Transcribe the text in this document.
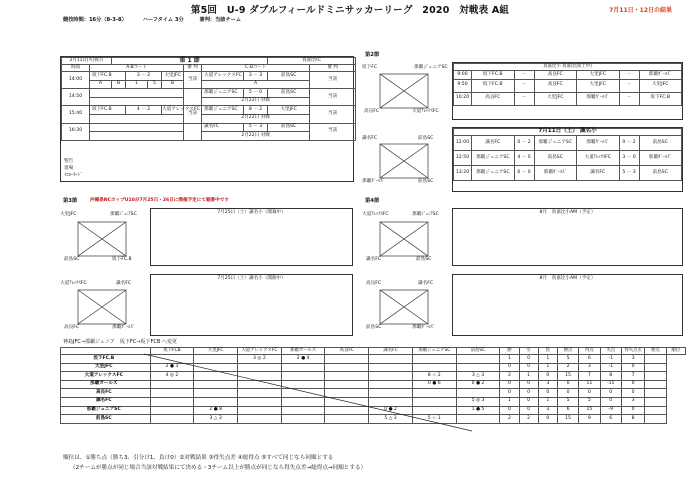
第5回　U-9 ダブルフィールドミニサッカーリーグ　2020　対戦表 A組	7月11日・12日の結果
競技時間：16分（8-3-8）	ハーフタイム 3分	審判：当該チーム
2月11日(火)祝日		第 1 節							真嘉比FC	
時間	A-Bコート					審 判	C-Dコート			審 判
14:00	坂下FC.B		3 － 2		大里JFC	当該	大道アレックスFC	3 － 3	前島SC	当該
	A	B	1	5	B		A			
14:50							那覇ジュニアSC	5 － 0	前島SC	当該
							2月22日 対戦			
15:40	坂下FC.B		4 － 2		大道アレックスFC	当該	那覇ジュニアSC	8 － 2	大里JFC	当該
							2月22日 対戦			
16:30							識名FC	5 － 3	前島SC	当該
							2月22日 対戦			
警告
退場
ｲｴﾛｰｶｰﾄﾞ
第2節
坂下FC	那覇ジュニアSC
高良FC	大道ｱﾚｯｸｽFC
識名FC	前島SC
那覇ｶﾞｰﾙｽﾞ	前島SC
真嘉比小 真嘉比(陸上中)						
9:00	坂下FC.B	－	高良FC	大里JFC	－	那覇ｶﾞｰﾙｽﾞ
9:50	坂下FC.B	－	高良FC	大里JFC	－	大里JFC
10:20	高良FC	－	大里JFC	那覇ｶﾞｰﾙｽﾞ	－	坂下FC.B
7月11日（土） 識名小						
12:00	識名FC	0 － 2	那覇ジュニアSC	那覇ｶﾞｰﾙｽﾞ	0 － 2	前島SC
12:50	那覇ジュニアSC	4 － 0	前島SC	大道ｱﾚｯｸｽFC	3 － 0	那覇ｶﾞｰﾙｽﾞ
13:20	那覇ジュニアSC	6 － 0	那覇ｶﾞｰﾙｽﾞ	識名FC	5 － 3	前島SC
第3節	沖縄県NCカップU10が7月25日・26日に開催予定にて順番中です
大里JFC	那覇ｼﾞｭﾆｱSC
前島SC	坂下FC.B
大道ｱﾚｯｸｽFC	識名FC
高良FC	那覇ｶﾞｰﾙｽﾞ
7月25日（土）識名小（開幕中）
7月25日（土）識名小（開催中）
第4節
大道ｱﾚｯｸｽFC	那覇ｼﾞｭﾆｱSC
識名FC	前島SC
高良FC	識名FC
前島SC	那覇ｶﾞｰﾙｽﾞ
8月　真嘉比小AM（予定）
8月　真嘉比小AM（予定）
神島JFC→那覇ジュニア　坂下FC→坂下FCB へ変更
	坂下FCB	大里JFC	大道アレックスFC	那覇ガールズ	高良FC	識名FC	那覇ジュニアSC	前島SC	勝	引	負	勝点	得点	失点	得失点差	勝点	順位
坂下FC.B			3 ◎ 2	2 ● 4					1	0	1	5	6	-1	3		
大里JFC	2 ● 3								0	0	1	2	3	-1	0		
大道アレックスFC	4 ◎ 2						8 ☆ 2	3 △ 3	2	1	0	15	7	8	7		
那覇ガールズ							0 ● 6	0 ● 2	0	0	3	0	11	-11	0		
高良FC									0	0	0	0	0	0	0		
識名FC								5 ◎ 3	1	0	1	5	5	0	3		
那覇ジュニアSC		2 ● 8				0 ● 2		1 ● 5	0	0	3	6	15	-9	0		
前島SC		3 △ 3				5 △ 3	5 ☆ 1		2	2	0	15	9	6	8		
順位は、①勝ち点（勝ち3、引分け1、負け0）②対戦結果 ③得失点差 ④総得点 ⑤すべて同じなら同順とする
（2チームが勝点が同じ場合当該対戦結果にて決める・3チーム以上が勝点が同じなら得失点差→総得点→同順とする）
